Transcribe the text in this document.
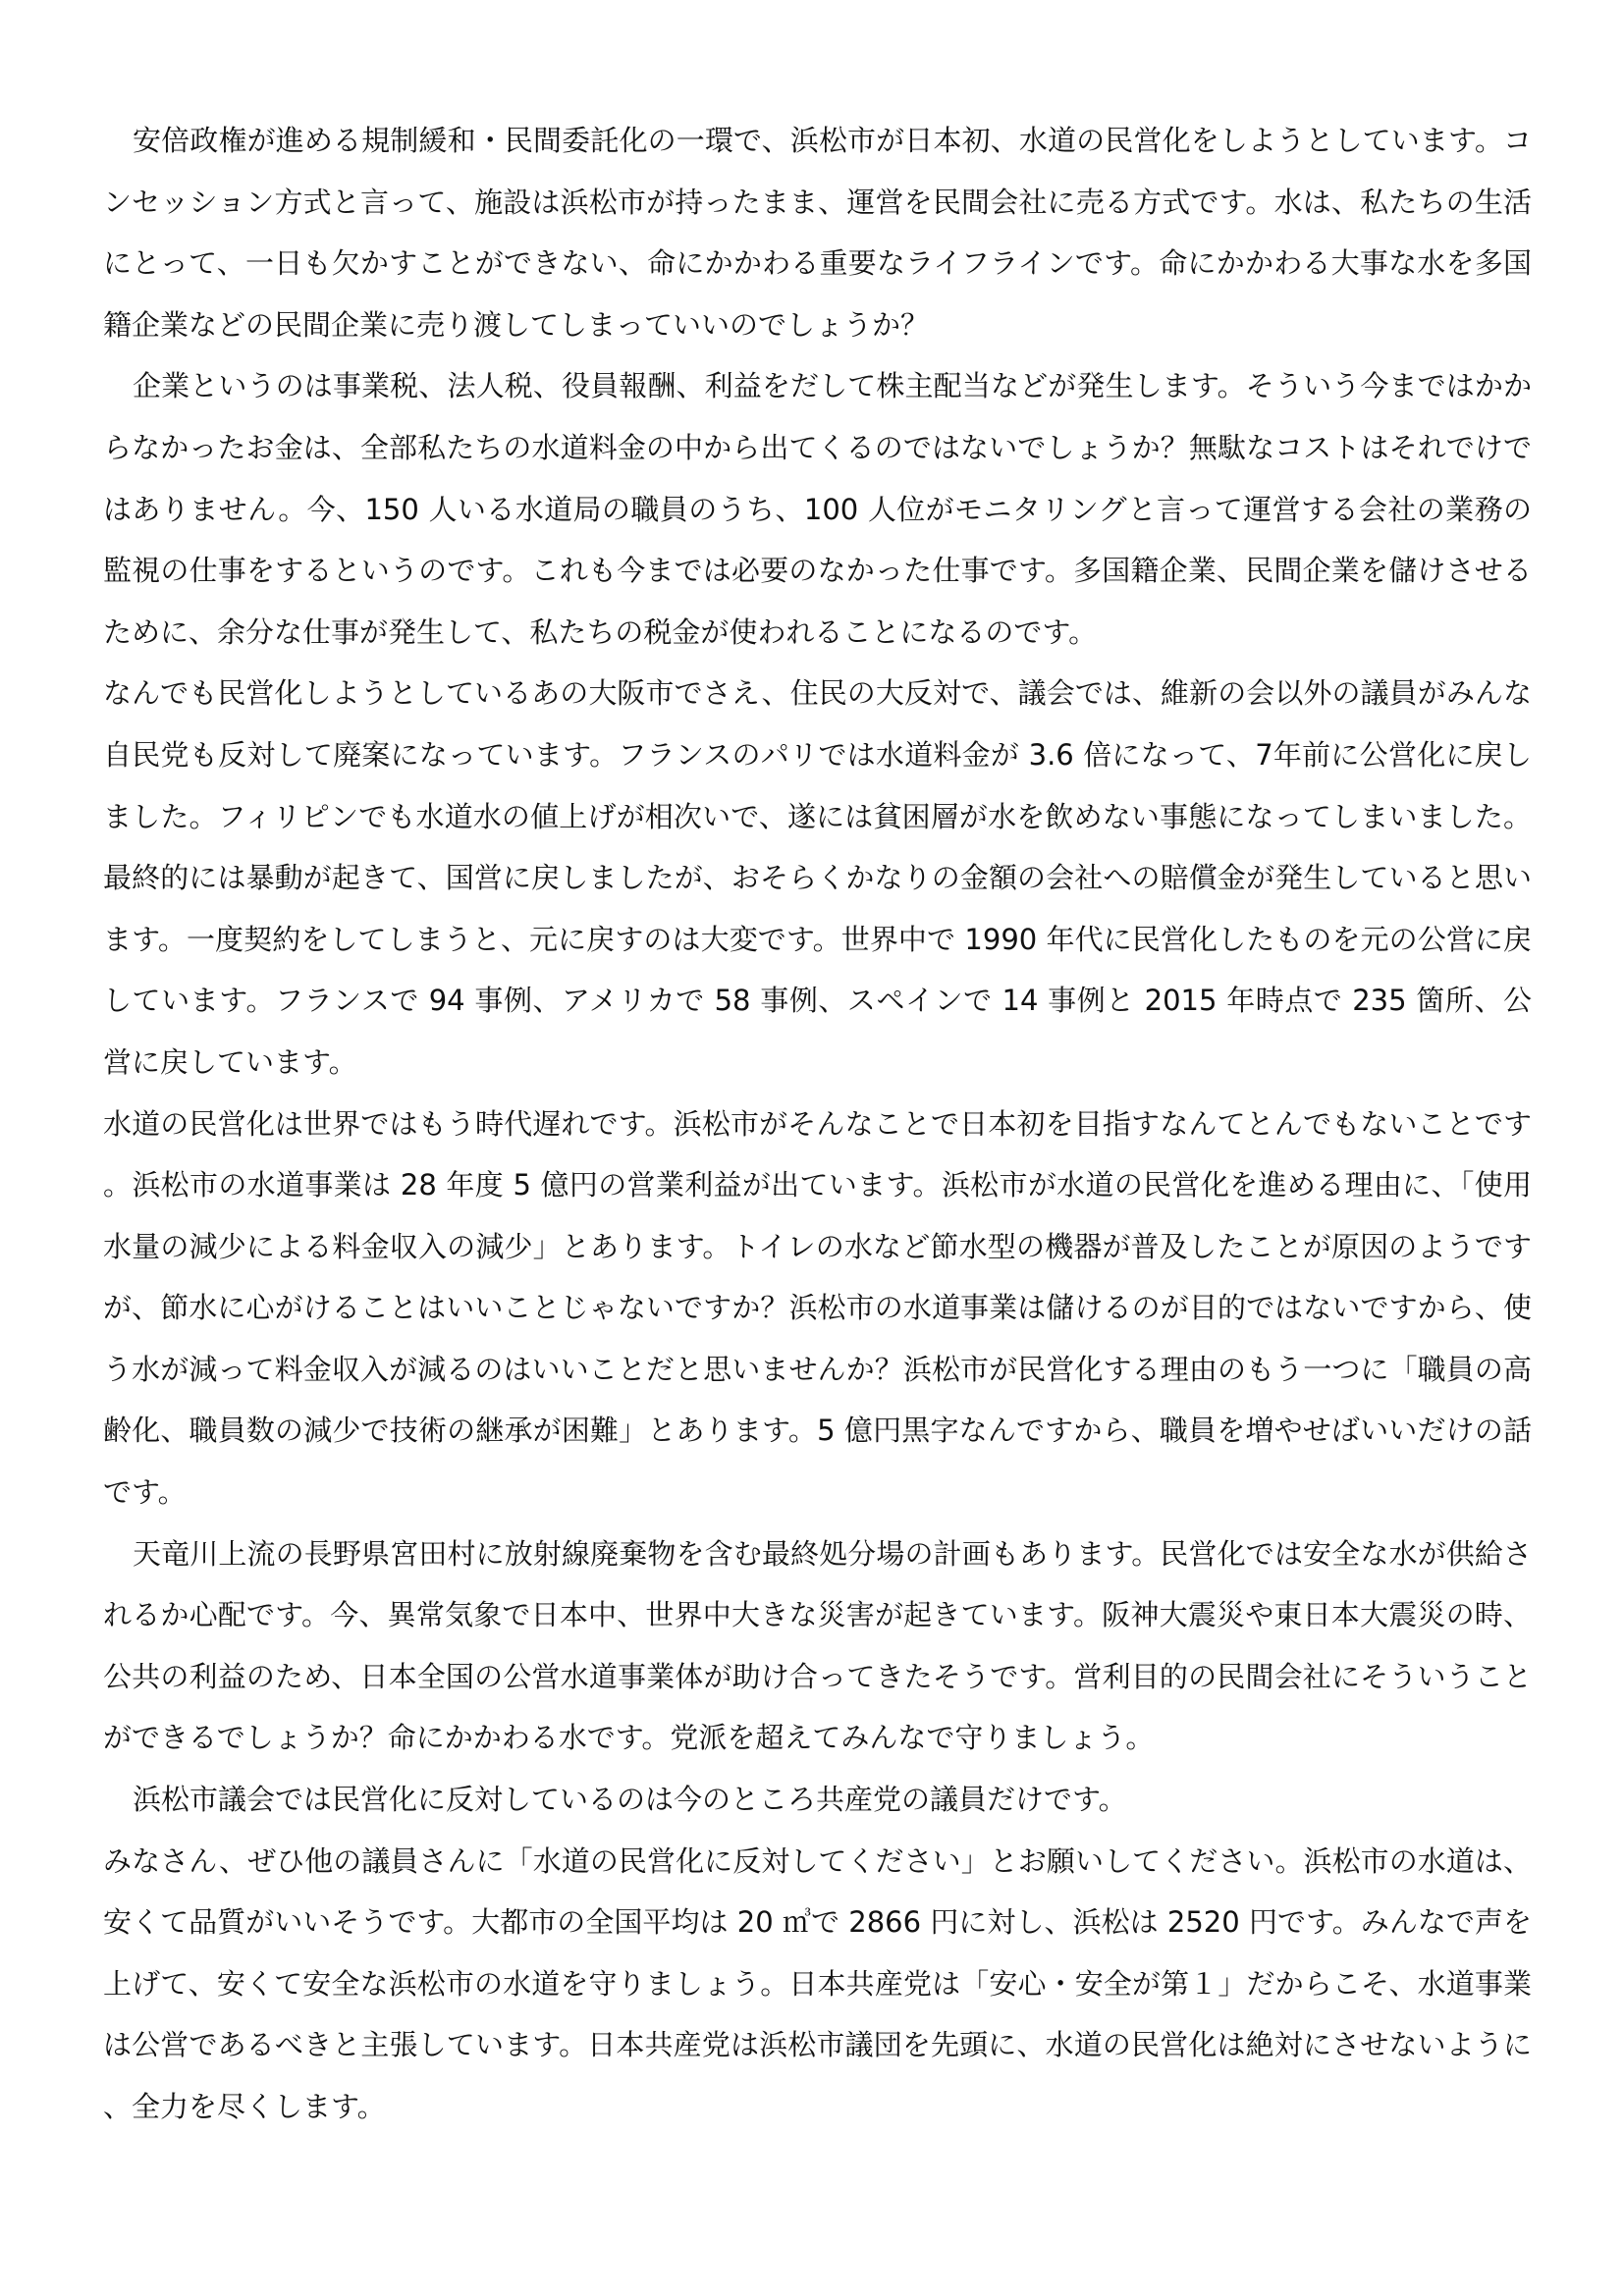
安倍政権が進める規制緩和・民間委託化の一環で、浜松市が日本初、水道の民営化をしようとしています。コンセッション方式と言って、施設は浜松市が持ったまま、運営を民間会社に売る方式です。水は、私たちの生活にとって、一日も欠かすことができない、命にかかわる重要なライフラインです。命にかかわる大事な水を多国籍企業などの民間企業に売り渡してしまっていいのでしょうか？

企業というのは事業税、法人税、役員報酬、利益をだして株主配当などが発生します。そういう今まではかからなかったお金は、全部私たちの水道料金の中から出てくるのではないでしょうか？無駄なコストはそれでけではありません。今、150 人いる水道局の職員のうち、100 人位がモニタリングと言って運営する会社の業務の監視の仕事をするというのです。これも今までは必要のなかった仕事です。多国籍企業、民間企業を儲けさせるために、余分な仕事が発生して、私たちの税金が使われることになるのです。

なんでも民営化しようとしているあの大阪市でさえ、住民の大反対で、議会では、維新の会以外の議員がみんな自民党も反対して廃案になっています。フランスのパリでは水道料金が 3.6 倍になって、7年前に公営化に戻しました。フィリピンでも水道水の値上げが相次いで、遂には貧困層が水を飲めない事態になってしまいました。最終的には暴動が起きて、国営に戻しましたが、おそらくかなりの金額の会社への賠償金が発生していると思います。一度契約をしてしまうと、元に戻すのは大変です。世界中で 1990 年代に民営化したものを元の公営に戻しています。フランスで 94 事例、アメリカで 58 事例、スペインで 14 事例と 2015 年時点で 235 箇所、公営に戻しています。

水道の民営化は世界ではもう時代遅れです。浜松市がそんなことで日本初を目指すなんてとんでもないことです。浜松市の水道事業は 28 年度 5 億円の営業利益が出ています。浜松市が水道の民営化を進める理由に、「使用水量の減少による料金収入の減少」とあります。トイレの水など節水型の機器が普及したことが原因のようですが、節水に心がけることはいいことじゃないですか？浜松市の水道事業は儲けるのが目的ではないですから、使う水が減って料金収入が減るのはいいことだと思いませんか？浜松市が民営化する理由のもう一つに「職員の高齢化、職員数の減少で技術の継承が困難」とあります。5 億円黒字なんですから、職員を増やせばいいだけの話です。

天竜川上流の長野県宮田村に放射線廃棄物を含む最終処分場の計画もあります。民営化では安全な水が供給されるか心配です。今、異常気象で日本中、世界中大きな災害が起きています。阪神大震災や東日本大震災の時、公共の利益のため、日本全国の公営水道事業体が助け合ってきたそうです。営利目的の民間会社にそういうことができるでしょうか？命にかかわる水です。党派を超えてみんなで守りましょう。

浜松市議会では民営化に反対しているのは今のところ共産党の議員だけです。

みなさん、ぜひ他の議員さんに「水道の民営化に反対してください」とお願いしてください。浜松市の水道は、安くて品質がいいそうです。大都市の全国平均は 20 ㎥で 2866 円に対し、浜松は 2520 円です。みんなで声を上げて、安くて安全な浜松市の水道を守りましょう。日本共産党は「安心・安全が第１」だからこそ、水道事業は公営であるべきと主張しています。日本共産党は浜松市議団を先頭に、水道の民営化は絶対にさせないように、全力を尽くします。
